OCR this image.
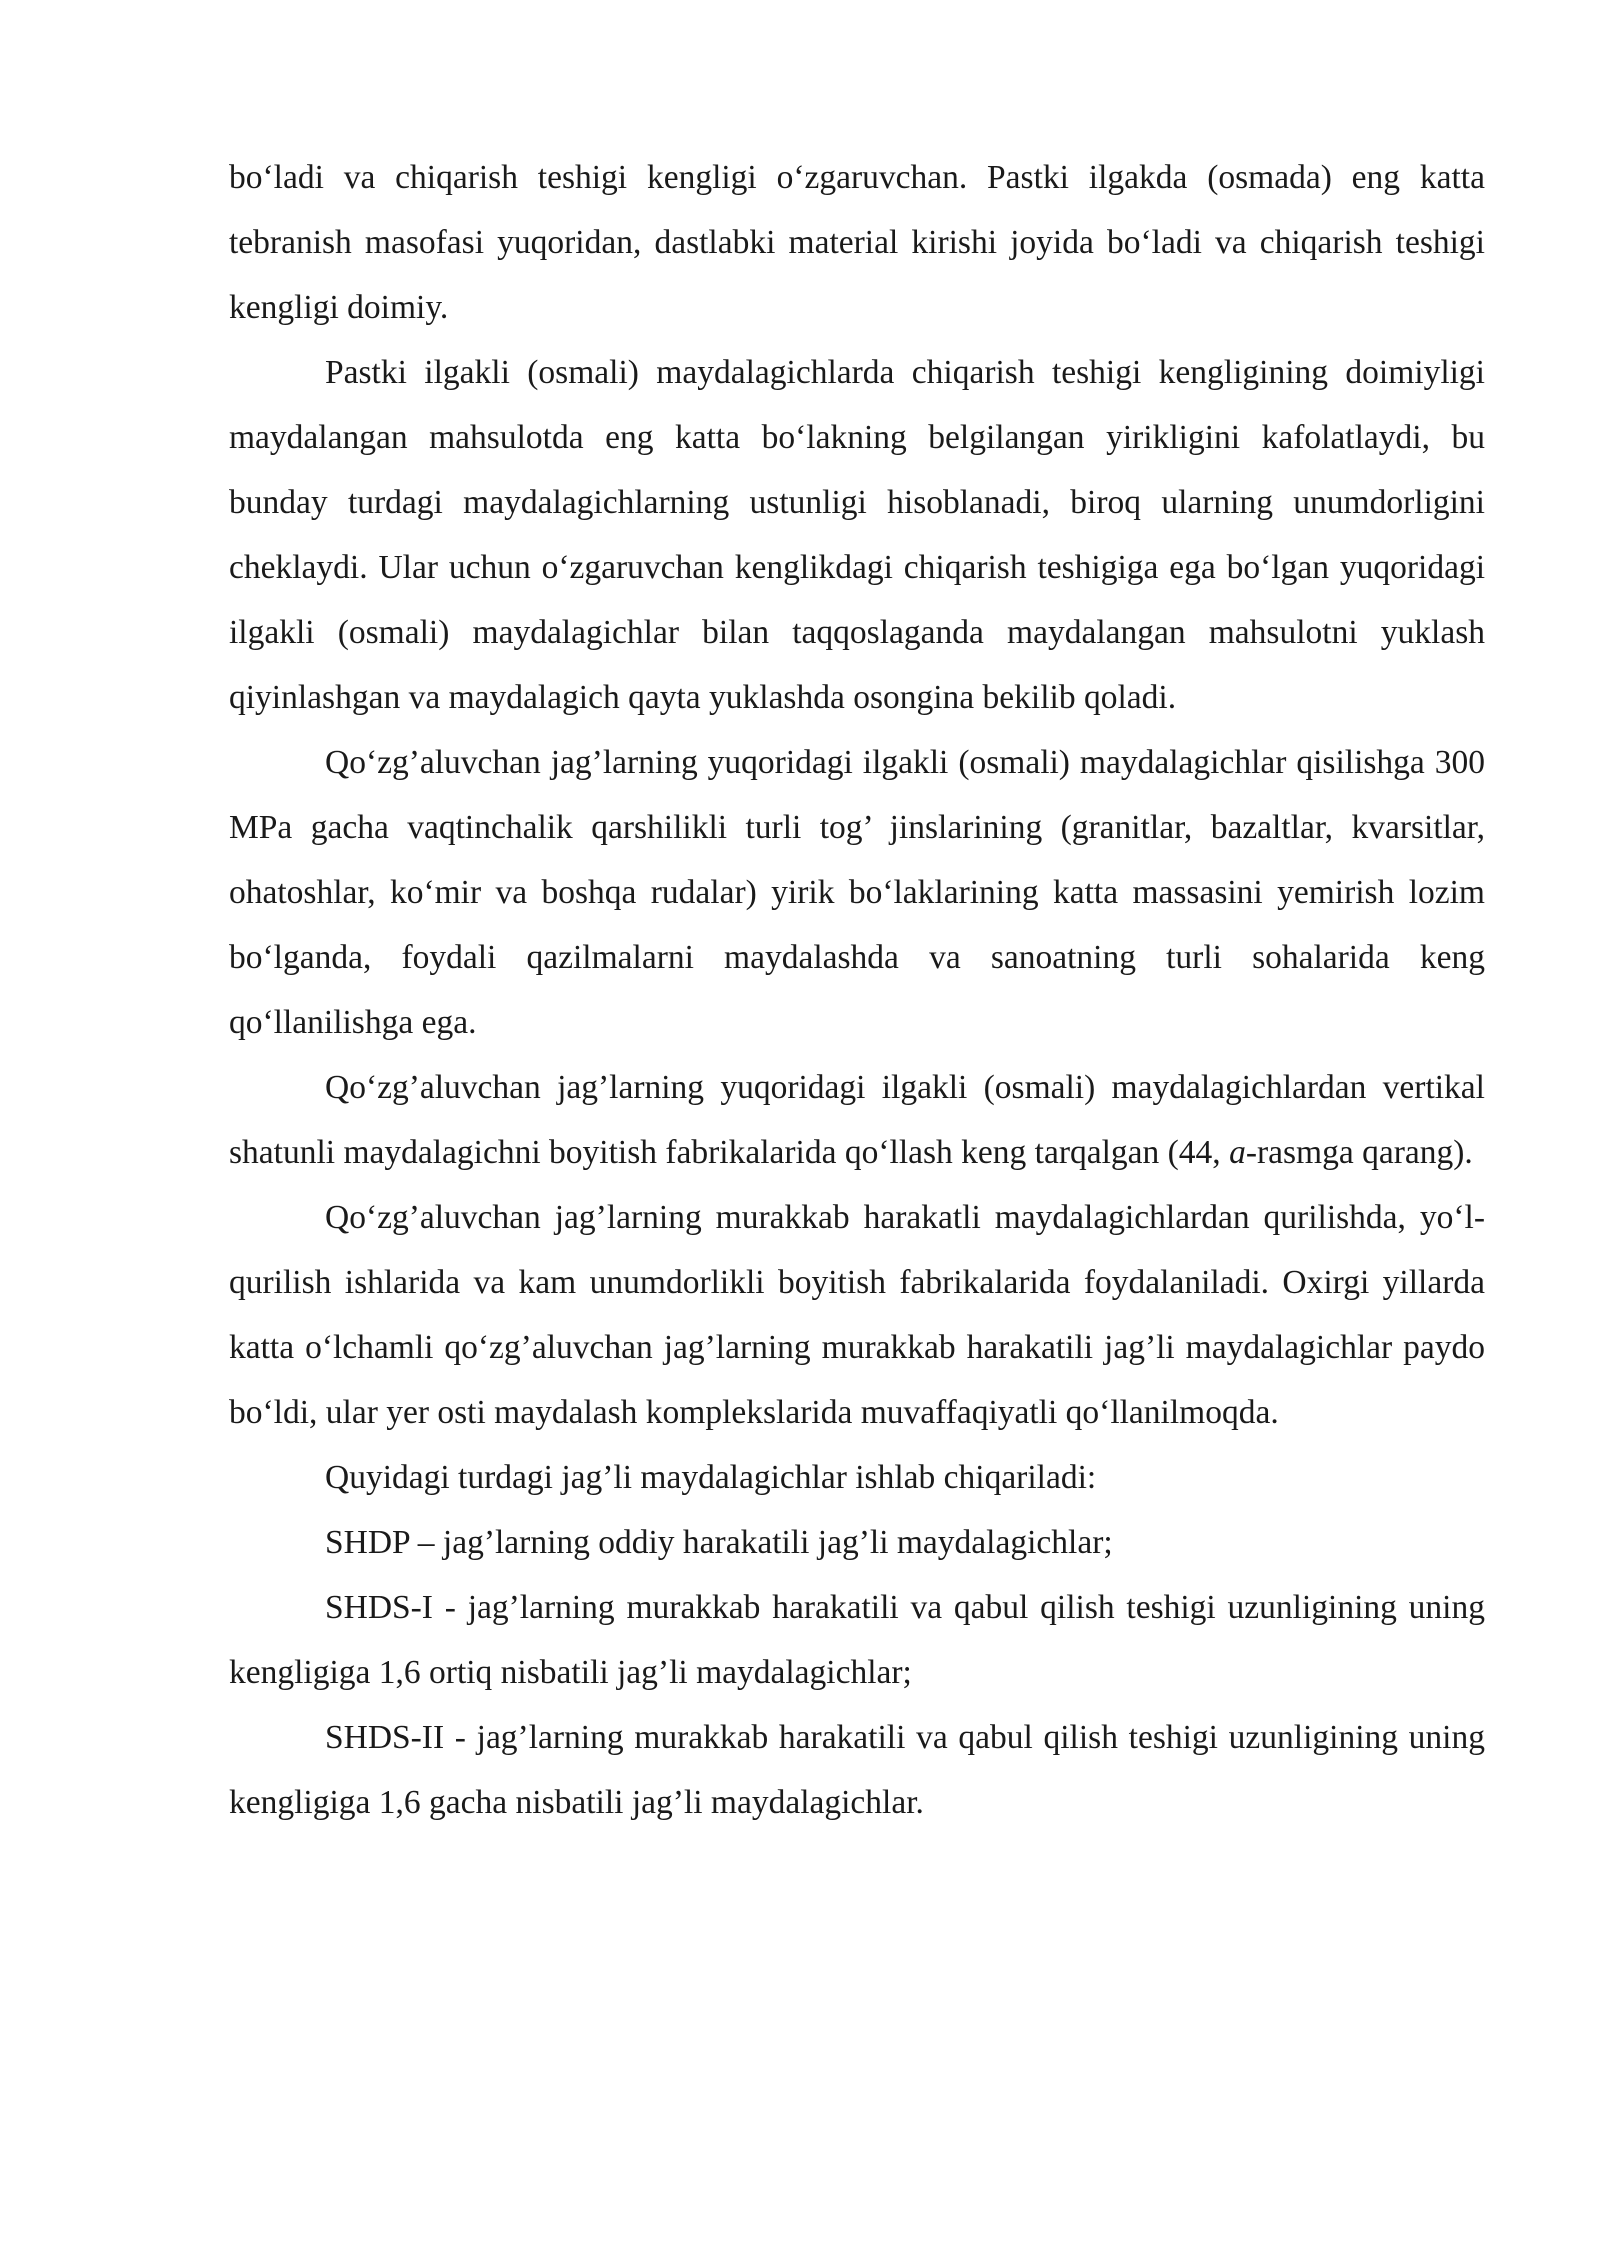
bo‘ladi va chiqarish teshigi kengligi o‘zgaruvchan. Pastki ilgakda (osmada) eng katta tebranish masofasi yuqoridan, dastlabki material kirishi joyida bo‘ladi va chiqarish teshigi kengligi doimiy.

Pastki ilgakli (osmali) maydalagichlarda chiqarish teshigi kengligining doimiyligi maydalangan mahsulotda eng katta bo‘lakning belgilangan yirikligini kafolatlaydi, bu bunday turdagi maydalagichlarning ustunligi hisoblanadi, biroq ularning unumdorligini cheklaydi. Ular uchun o‘zgaruvchan kenglikdagi chiqarish teshigiga ega bo‘lgan yuqoridagi ilgakli (osmali) maydalagichlar bilan taqqoslaganda maydalangan mahsulotni yuklash qiyinlashgan va maydalagich qayta yuklashda osongina bekilib qoladi.

Qo‘zg’aluvchan jag’larning yuqoridagi ilgakli (osmali) maydalagichlar qisilishga 300 MPa gacha vaqtinchalik qarshilikli turli tog’ jinslarining (granitlar, bazaltlar, kvarsitlar, ohatoshlar, ko‘mir va boshqa rudalar) yirik bo‘laklarining katta massasini yemirish lozim bo‘lganda, foydali qazilmalarni maydalashda va sanoatning turli sohalarida keng qo‘llanilishga ega.

Qo‘zg’aluvchan jag’larning yuqoridagi ilgakli (osmali) maydalagichlardan vertikal shatunli maydalagichni boyitish fabrikalarida qo‘llash keng tarqalgan (44, a-rasmga qarang).

Qo‘zg’aluvchan jag’larning murakkab harakatli maydalagichlardan qurilishda, yo‘l-qurilish ishlarida va kam unumdorlikli boyitish fabrikalarida foydalaniladi. Oxirgi yillarda katta o‘lchamli qo‘zg’aluvchan jag’larning murakkab harakatili jag’li maydalagichlar paydo bo‘ldi, ular yer osti maydalash komplekslarida muvaffaqiyatli qo‘llanilmoqda.

Quyidagi turdagi jag’li maydalagichlar ishlab chiqariladi:

SHDP – jag’larning oddiy harakatili jag’li maydalagichlar;

SHDS-I - jag’larning murakkab harakatili va qabul qilish teshigi uzunligining uning kengligiga 1,6 ortiq nisbatili jag’li maydalagichlar;

SHDS-II - jag’larning murakkab harakatili va qabul qilish teshigi uzunligining uning kengligiga 1,6 gacha nisbatili jag’li maydalagichlar.
